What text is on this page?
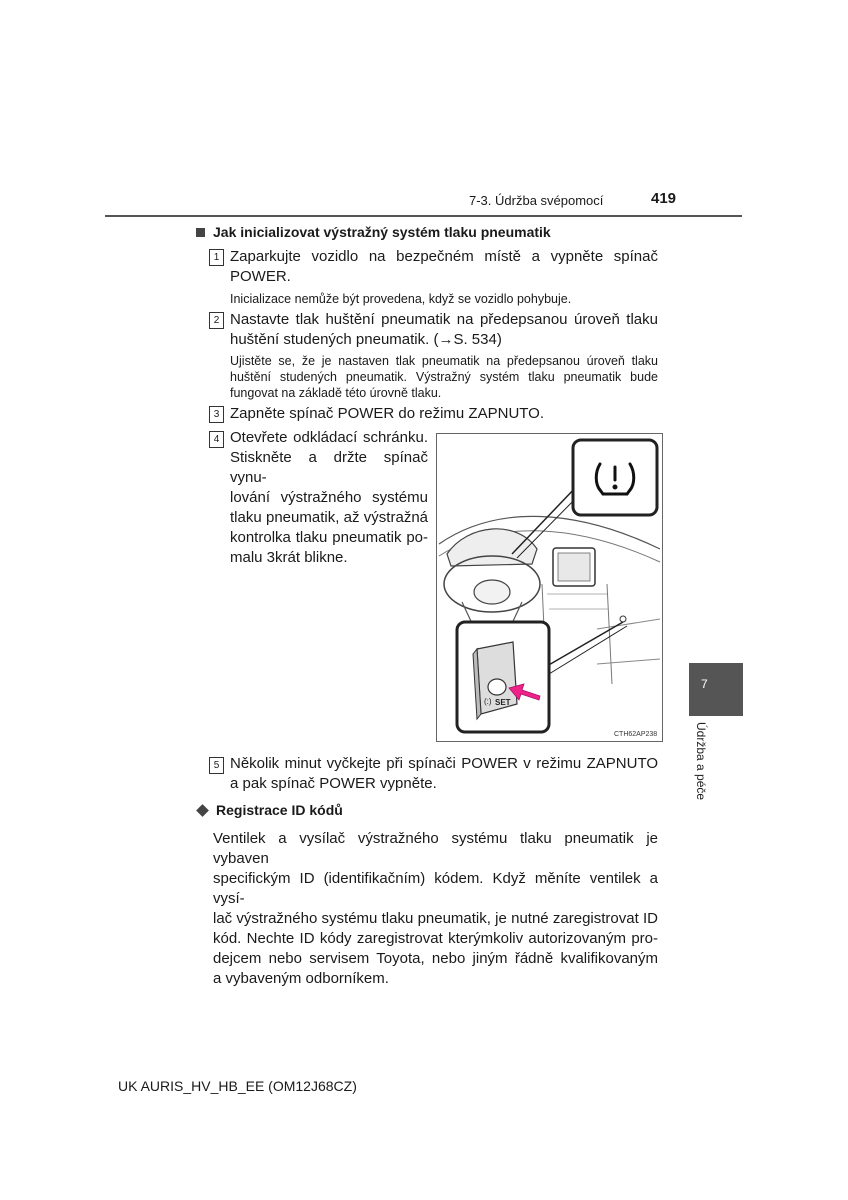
7-3. Údržba svépomocí	419
Jak inicializovat výstražný systém tlaku pneumatik
1 Zaparkujte vozidlo na bezpečném místě a vypněte spínač
POWER.
Inicializace nemůže být provedena, když se vozidlo pohybuje.
2 Nastavte tlak huštění pneumatik na předepsanou úroveň tlaku
huštění studených pneumatik. (→S. 534)
Ujistěte se, že je nastaven tlak pneumatik na předepsanou úroveň tlaku
huštění studených pneumatik. Výstražný systém tlaku pneumatik bude
fungovat na základě této úrovně tlaku.
3 Zapněte spínač POWER do režimu ZAPNUTO.
4 Otevřete odkládací schránku.
Stiskněte a držte spínač vynu-
lování výstražného systému
tlaku pneumatik, až výstražná
kontrolka tlaku pneumatik po-
malu 3krát blikne.
(:) SET
CTH62AP238
5 Několik minut vyčkejte při spínači POWER v režimu ZAPNUTO
a pak spínač POWER vypněte.
Registrace ID kódů
Ventilek a vysílač výstražného systému tlaku pneumatik je vybaven
specifickým ID (identifikačním) kódem. Když měníte ventilek a vysí-
lač výstražného systému tlaku pneumatik, je nutné zaregistrovat ID
kód. Nechte ID kódy zaregistrovat kterýmkoliv autorizovaným pro-
dejcem nebo servisem Toyota, nebo jiným řádně kvalifikovaným
a vybaveným odborníkem.
7
Údržba a péče
UK AURIS_HV_HB_EE (OM12J68CZ)
